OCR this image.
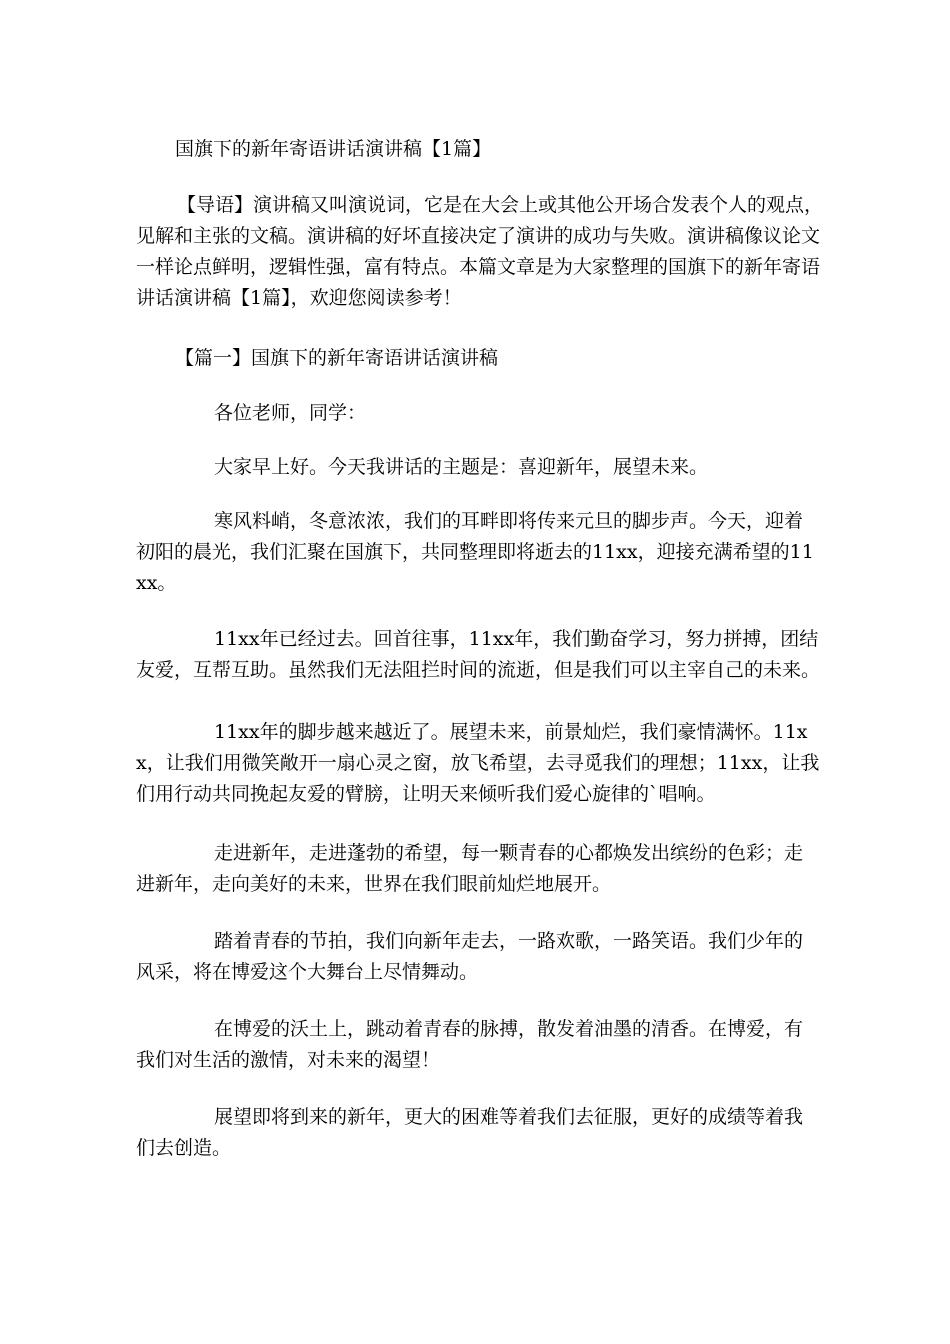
国旗下的新年寄语讲话演讲稿【1篇】

【导语】演讲稿又叫演说词，它是在大会上或其他公开场合发表个人的观点，见解和主张的文稿。演讲稿的好坏直接决定了演讲的成功与失败。演讲稿像议论文一样论点鲜明，逻辑性强，富有特点。本篇文章是为大家整理的国旗下的新年寄语讲话演讲稿【1篇】，欢迎您阅读参考！

【篇一】国旗下的新年寄语讲话演讲稿

各位老师，同学：

大家早上好。今天我讲话的主题是：喜迎新年，展望未来。

寒风料峭，冬意浓浓，我们的耳畔即将传来元旦的脚步声。今天，迎着初阳的晨光，我们汇聚在国旗下，共同整理即将逝去的11xx，迎接充满希望的11xx。

11xx年已经过去。回首往事，11xx年，我们勤奋学习，努力拼搏，团结友爱，互帮互助。虽然我们无法阻拦时间的流逝，但是我们可以主宰自己的未来。

11xx年的脚步越来越近了。展望未来，前景灿烂，我们豪情满怀。11xx，让我们用微笑敞开一扇心灵之窗，放飞希望，去寻觅我们的理想；11xx，让我们用行动共同挽起友爱的臂膀，让明天来倾听我们爱心旋律的`唱响。

走进新年，走进蓬勃的希望，每一颗青春的心都焕发出缤纷的色彩；走进新年，走向美好的未来，世界在我们眼前灿烂地展开。

踏着青春的节拍，我们向新年走去，一路欢歌，一路笑语。我们少年的风采，将在博爱这个大舞台上尽情舞动。

在博爱的沃土上，跳动着青春的脉搏，散发着油墨的清香。在博爱，有我们对生活的激情，对未来的渴望！

展望即将到来的新年，更大的困难等着我们去征服，更好的成绩等着我们去创造。
